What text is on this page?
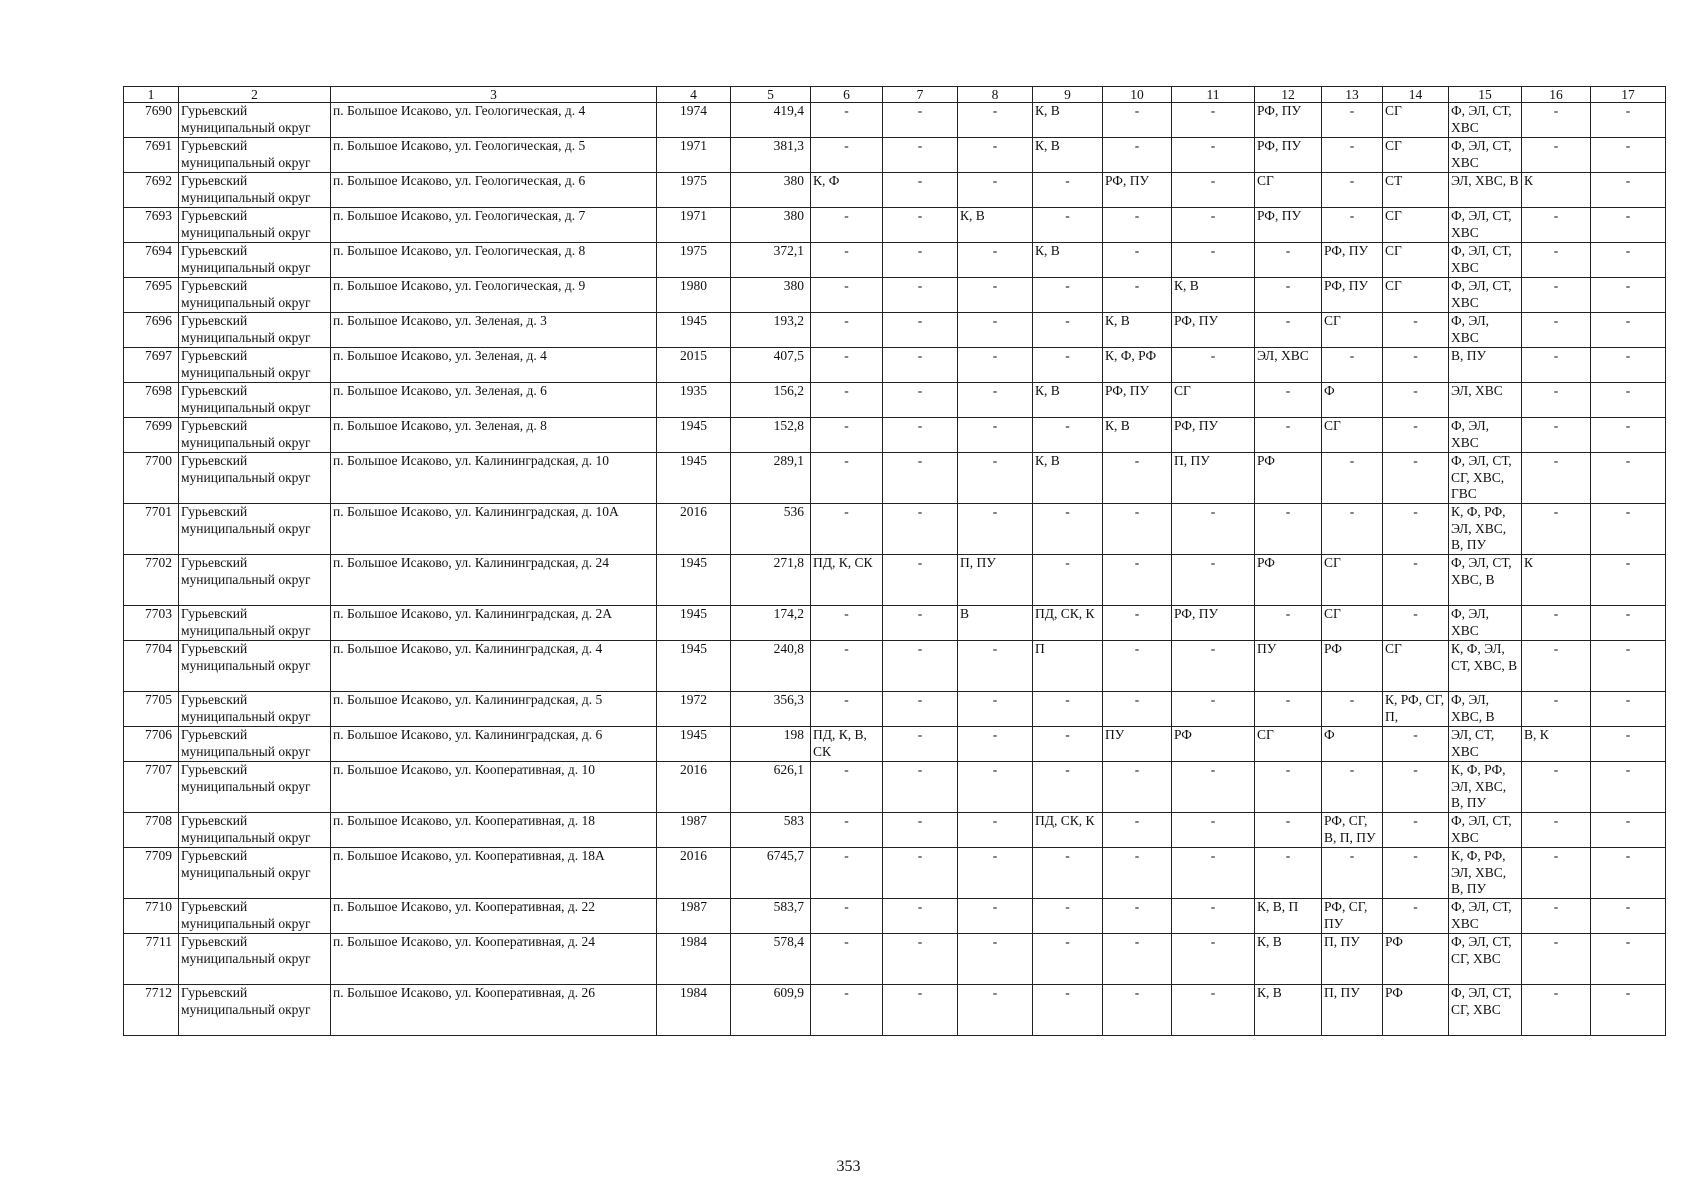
1	2	3	4	5	6	7	8	9	10	11	12	13	14	15	16	17
7690	Гурьевский муниципальный округ	п. Большое Исаково, ул. Геологическая, д. 4	1974	419,4	-	-	-	К, В	-	-	РФ, ПУ	-	СГ	Ф, ЭЛ, СТ, ХВС	-	-
7691	Гурьевский муниципальный округ	п. Большое Исаково, ул. Геологическая, д. 5	1971	381,3	-	-	-	К, В	-	-	РФ, ПУ	-	СГ	Ф, ЭЛ, СТ, ХВС	-	-
7692	Гурьевский муниципальный округ	п. Большое Исаково, ул. Геологическая, д. 6	1975	380	К, Ф	-	-	-	РФ, ПУ	-	СГ	-	СТ	ЭЛ, ХВС, В	К	-
7693	Гурьевский муниципальный округ	п. Большое Исаково, ул. Геологическая, д. 7	1971	380	-	-	К, В	-	-	-	РФ, ПУ	-	СГ	Ф, ЭЛ, СТ, ХВС	-	-
7694	Гурьевский муниципальный округ	п. Большое Исаково, ул. Геологическая, д. 8	1975	372,1	-	-	-	К, В	-	-	-	РФ, ПУ	СГ	Ф, ЭЛ, СТ, ХВС	-	-
7695	Гурьевский муниципальный округ	п. Большое Исаково, ул. Геологическая, д. 9	1980	380	-	-	-	-	-	К, В	-	РФ, ПУ	СГ	Ф, ЭЛ, СТ, ХВС	-	-
7696	Гурьевский муниципальный округ	п. Большое Исаково, ул. Зеленая, д. 3	1945	193,2	-	-	-	-	К, В	РФ, ПУ	-	СГ	-	Ф, ЭЛ, ХВС	-	-
7697	Гурьевский муниципальный округ	п. Большое Исаково, ул. Зеленая, д. 4	2015	407,5	-	-	-	-	К, Ф, РФ	-	ЭЛ, ХВС	-	-	В, ПУ	-	-
7698	Гурьевский муниципальный округ	п. Большое Исаково, ул. Зеленая, д. 6	1935	156,2	-	-	-	К, В	РФ, ПУ	СГ	-	Ф	-	ЭЛ, ХВС	-	-
7699	Гурьевский муниципальный округ	п. Большое Исаково, ул. Зеленая, д. 8	1945	152,8	-	-	-	-	К, В	РФ, ПУ	-	СГ	-	Ф, ЭЛ, ХВС	-	-
7700	Гурьевский муниципальный округ	п. Большое Исаково, ул. Калининградская, д. 10	1945	289,1	-	-	-	К, В	-	П, ПУ	РФ	-	-	Ф, ЭЛ, СТ, СГ, ХВС, ГВС	-	-
7701	Гурьевский муниципальный округ	п. Большое Исаково, ул. Калининградская, д. 10А	2016	536	-	-	-	-	-	-	-	-	-	К, Ф, РФ, ЭЛ, ХВС, В, ПУ	-	-
7702	Гурьевский муниципальный округ	п. Большое Исаково, ул. Калининградская, д. 24	1945	271,8	ПД, К, СК	-	П, ПУ	-	-	-	РФ	СГ	-	Ф, ЭЛ, СТ, ХВС, В	К	-
7703	Гурьевский муниципальный округ	п. Большое Исаково, ул. Калининградская, д. 2А	1945	174,2	-	-	В	ПД, СК, К	-	РФ, ПУ	-	СГ	-	Ф, ЭЛ, ХВС	-	-
7704	Гурьевский муниципальный округ	п. Большое Исаково, ул. Калининградская, д. 4	1945	240,8	-	-	-	П	-	-	ПУ	РФ	СГ	К, Ф, ЭЛ, СТ, ХВС, В	-	-
7705	Гурьевский муниципальный округ	п. Большое Исаково, ул. Калининградская, д. 5	1972	356,3	-	-	-	-	-	-	-	-	К, РФ, СГ, П,	Ф, ЭЛ, ХВС, В	-	-
7706	Гурьевский муниципальный округ	п. Большое Исаково, ул. Калининградская, д. 6	1945	198	ПД, К, В, СК	-	-	-	ПУ	РФ	СГ	Ф	-	ЭЛ, СТ, ХВС	В, К	-
7707	Гурьевский муниципальный округ	п. Большое Исаково, ул. Кооперативная, д. 10	2016	626,1	-	-	-	-	-	-	-	-	-	К, Ф, РФ, ЭЛ, ХВС, В, ПУ	-	-
7708	Гурьевский муниципальный округ	п. Большое Исаково, ул. Кооперативная, д. 18	1987	583	-	-	-	ПД, СК, К	-	-	-	РФ, СГ, В, П, ПУ	-	Ф, ЭЛ, СТ, ХВС	-	-
7709	Гурьевский муниципальный округ	п. Большое Исаково, ул. Кооперативная, д. 18А	2016	6745,7	-	-	-	-	-	-	-	-	-	К, Ф, РФ, ЭЛ, ХВС, В, ПУ	-	-
7710	Гурьевский муниципальный округ	п. Большое Исаково, ул. Кооперативная, д. 22	1987	583,7	-	-	-	-	-	-	К, В, П	РФ, СГ, ПУ	-	Ф, ЭЛ, СТ, ХВС	-	-
7711	Гурьевский муниципальный округ	п. Большое Исаково, ул. Кооперативная, д. 24	1984	578,4	-	-	-	-	-	-	К, В	П, ПУ	РФ	Ф, ЭЛ, СТ, СГ, ХВС	-	-
7712	Гурьевский муниципальный округ	п. Большое Исаково, ул. Кооперативная, д. 26	1984	609,9	-	-	-	-	-	-	К, В	П, ПУ	РФ	Ф, ЭЛ, СТ, СГ, ХВС	-	-
353
